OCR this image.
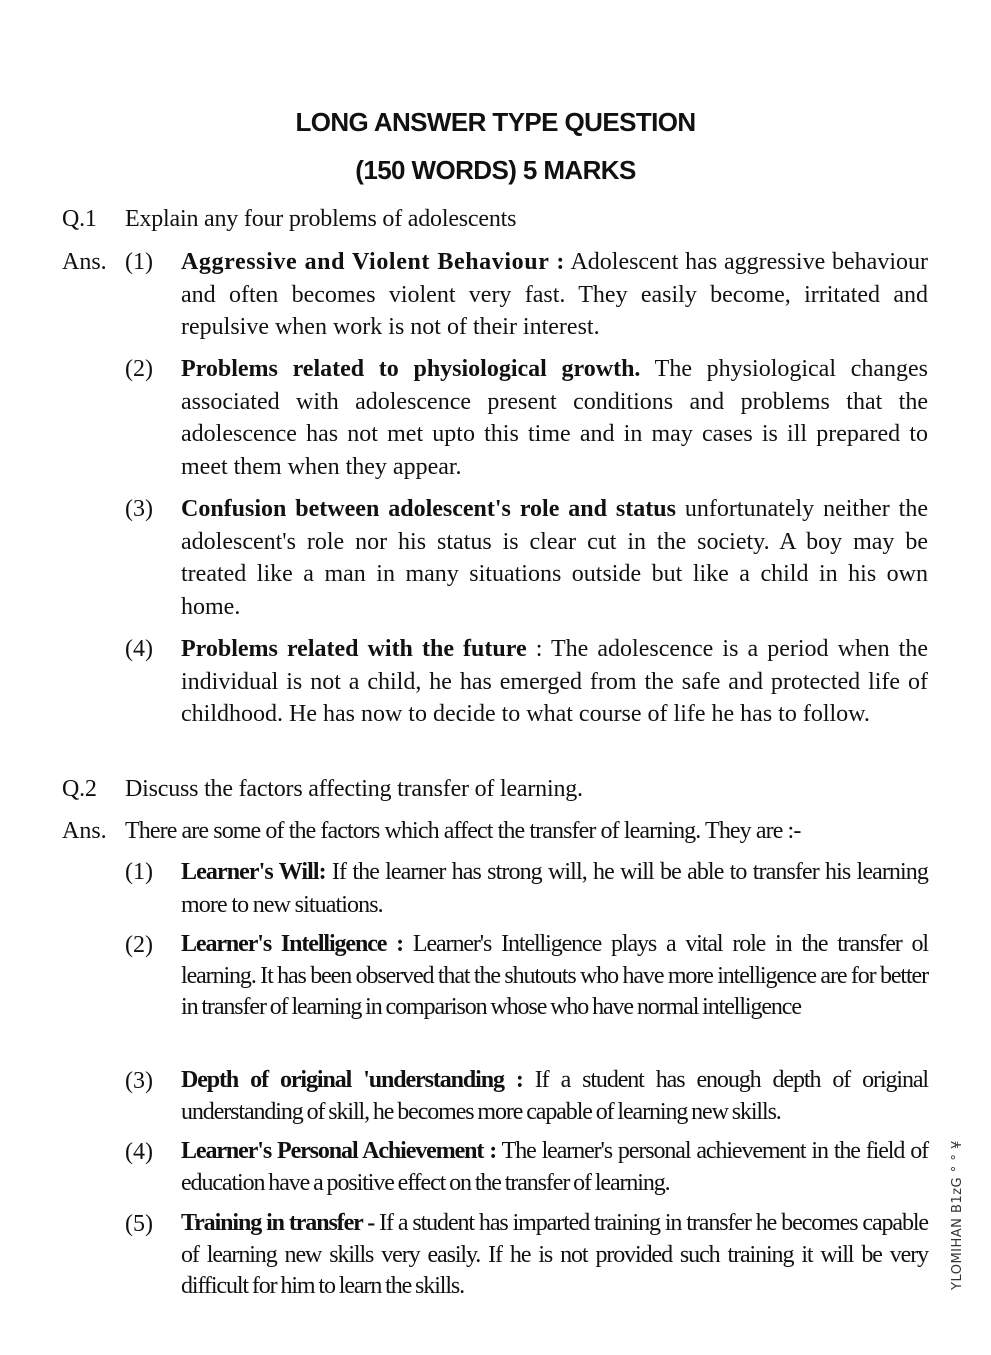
LONG ANSWER TYPE QUESTION
(150 WORDS) 5 MARKS
Q.1 Explain any four problems of adolescents
Ans. (1) Aggressive and Violent Behaviour : Adolescent has aggressive behaviour and often becomes violent very fast. They easily become, irritated and repulsive when work is not of their interest.
(2) Problems related to physiological growth. The physiological changes associated with adolescence present conditions and problems that the adolescence has not met upto this time and in may cases is ill prepared to meet them when they appear.
(3) Confusion between adolescent's role and status unfortunately neither the adolescent's role nor his status is clear cut in the society. A boy may be treated like a man in many situations outside but like a child in his own home.
(4) Problems related with the future : The adolescence is a period when the individual is not a child, he has emerged from the safe and protected life of childhood. He has now to decide to what course of life he has to follow.
Q.2 Discuss the factors affecting transfer of learning.
Ans. There are some of the factors which affect the transfer of learning. They are :-
(1) Learner's Will: If the learner has strong will, he will be able to transfer his learning more to new situations.
(2) Learner's Intelligence : Learner's Intelligence plays a vital role in the transfer ol learning. It has been observed that the shutouts who have more intelligence are for better in transfer of learning in comparison whose who have normal intelligence
(3) Depth of original 'understanding : If a student has enough depth of original understanding of skill, he becomes more capable of learning new skills.
(4) Learner's Personal Achievement : The learner's personal achievement in the field of education have a positive effect on the transfer of learning.
(5) Training in transfer - If a student has imparted training in transfer he becomes capable of learning new skills very easily. If he is not provided such training it will be very difficult for him to learn the skills.	YLOMIHAN B1zG ° ° ¥
